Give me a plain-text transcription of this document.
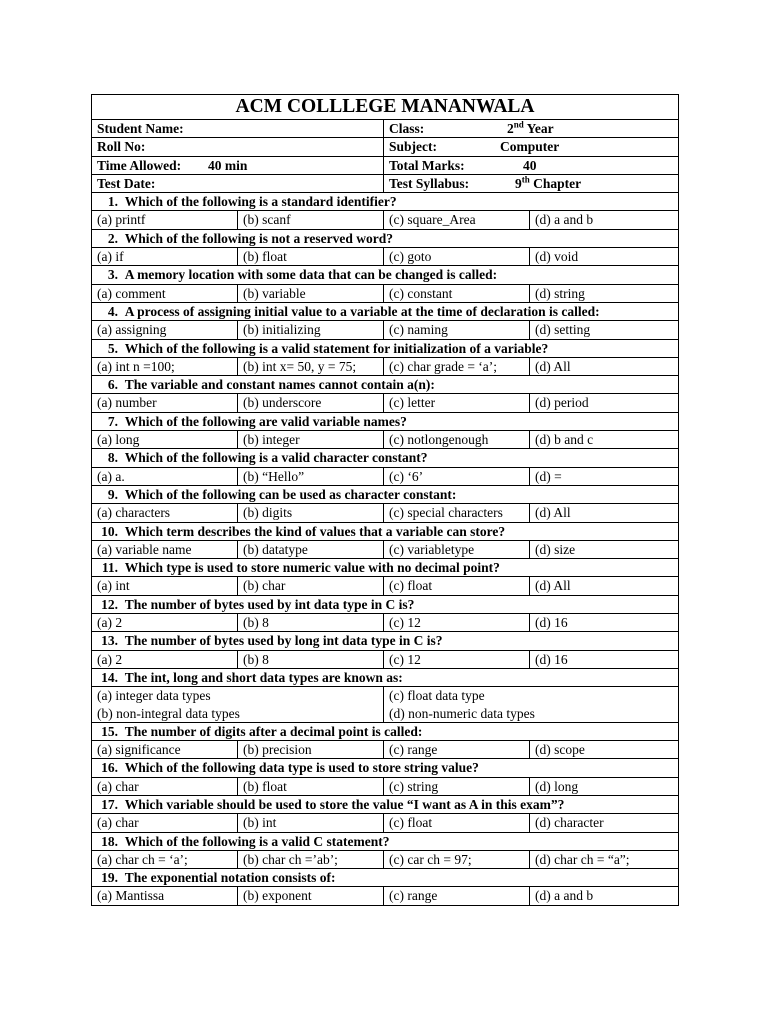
ACM COLLLEGE MANANWALA			
Student Name:		Class: 2nd Year	
Roll No:		Subject: Computer	
Time Allowed: 40 min		Total Marks: 40	
Test Date:		Test Syllabus: 9th Chapter	
1. Which of the following is a standard identifier?			
(a) printf	(b) scanf	(c) square_Area	(d) a and b
2. Which of the following is not a reserved word?			
(a) if	(b) float	(c) goto	(d) void
3. A memory location with some data that can be changed is called:			
(a) comment	(b) variable	(c) constant	(d) string
4. A process of assigning initial value to a variable at the time of declaration is called:			
(a) assigning	(b) initializing	(c) naming	(d) setting
5. Which of the following is a valid statement for initialization of a variable?			
(a) int n =100;	(b) int x= 50, y = 75;	(c) char grade = ‘a’;	(d) All
6. The variable and constant names cannot contain a(n):			
(a) number	(b) underscore	(c) letter	(d) period
7. Which of the following are valid variable names?			
(a) long	(b) integer	(c) notlongenough	(d) b and c
8. Which of the following is a valid character constant?			
(a) a.	(b) “Hello”	(c) ‘6’	(d) =
9. Which of the following can be used as character constant:			
(a) characters	(b) digits	(c) special characters	(d) All
10. Which term describes the kind of values that a variable can store?			
(a) variable name	(b) datatype	(c) variabletype	(d) size
11. Which type is used to store numeric value with no decimal point?			
(a) int	(b) char	(c) float	(d) All
12. The number of bytes used by int data type in C is?			
(a) 2	(b) 8	(c) 12	(d) 16
13. The number of bytes used by long int data type in C is?			
(a) 2	(b) 8	(c) 12	(d) 16
14. The int, long and short data types are known as:			
(a) integer data types		(c) float data type	
(b) non-integral data types		(d) non-numeric data types	
15. The number of digits after a decimal point is called:			
(a) significance	(b) precision	(c) range	(d) scope
16. Which of the following data type is used to store string value?			
(a) char	(b) float	(c) string	(d) long
17. Which variable should be used to store the value “I want as A in this exam”?			
(a) char	(b) int	(c) float	(d) character
18. Which of the following is a valid C statement?			
(a) char ch = ‘a’;	(b) char ch =’ab’;	(c) car ch = 97;	(d) char ch = “a”;
19. The exponential notation consists of:			
(a) Mantissa	(b) exponent	(c) range	(d) a and b
